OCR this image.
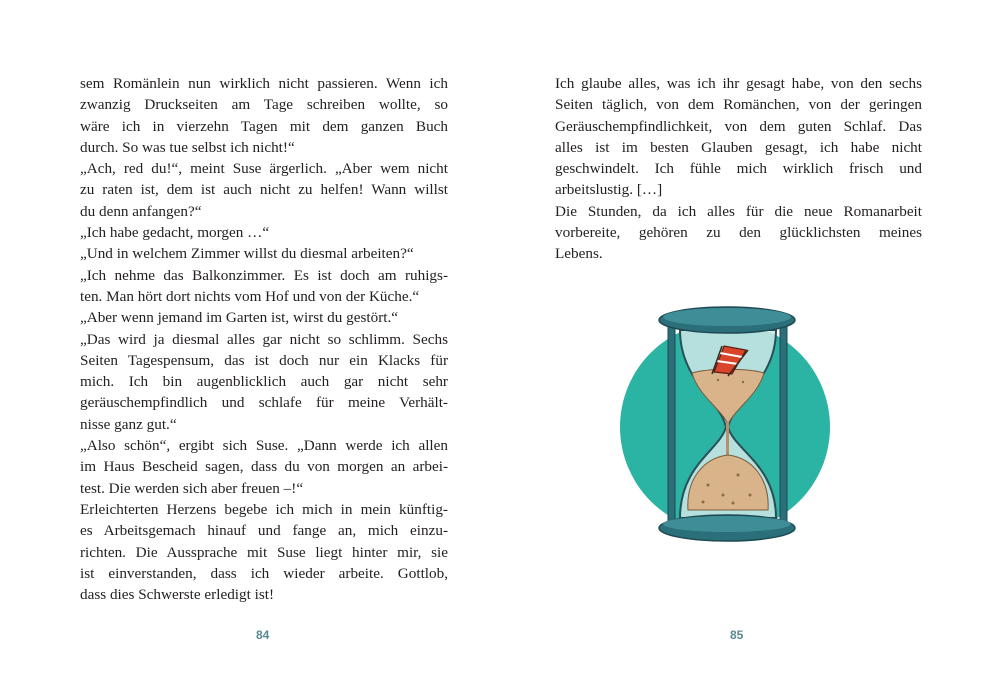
sem Romänlein nun wirklich nicht passieren. Wenn ich
zwanzig Druckseiten am Tage schreiben wollte, so
wäre ich in vierzehn Tagen mit dem ganzen Buch
durch. So was tue selbst ich nicht!“
„Ach, red du!“, meint Suse ärgerlich. „Aber wem nicht
zu raten ist, dem ist auch nicht zu helfen! Wann willst
du denn anfangen?“
„Ich habe gedacht, morgen …“
„Und in welchem Zimmer willst du diesmal arbeiten?“
„Ich nehme das Balkonzimmer. Es ist doch am ruhigs-
ten. Man hört dort nichts vom Hof und von der Küche.“
„Aber wenn jemand im Garten ist, wirst du gestört.“
„Das wird ja diesmal alles gar nicht so schlimm. Sechs
Seiten Tagespensum, das ist doch nur ein Klacks für
mich. Ich bin augenblicklich auch gar nicht sehr
geräuschempfindlich und schlafe für meine Verhält-
nisse ganz gut.“
„Also schön“, ergibt sich Suse. „Dann werde ich allen
im Haus Bescheid sagen, dass du von morgen an arbei-
test. Die werden sich aber freuen –!“
Erleichterten Herzens begebe ich mich in mein künftig-
es Arbeitsgemach hinauf und fange an, mich einzu-
richten. Die Aussprache mit Suse liegt hinter mir, sie
ist einverstanden, dass ich wieder arbeite. Gottlob,
dass dies Schwerste erledigt ist!
84
Ich glaube alles, was ich ihr gesagt habe, von den sechs
Seiten täglich, von dem Romänchen, von der geringen
Geräuschempfindlichkeit, von dem guten Schlaf. Das
alles ist im besten Glauben gesagt, ich habe nicht
geschwindelt. Ich fühle mich wirklich frisch und
arbeitslustig. […]
Die Stunden, da ich alles für die neue Romanarbeit
vorbereite, gehören zu den glücklichsten meines
Lebens.
85
